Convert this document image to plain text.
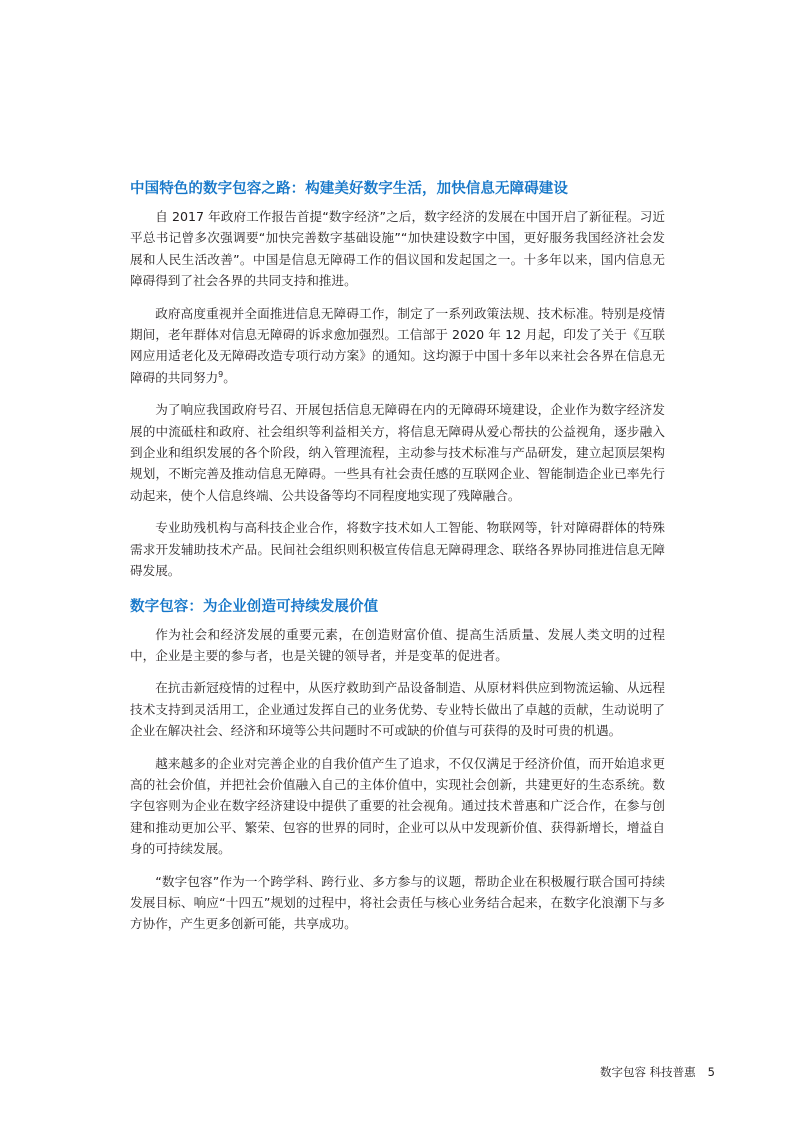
中国特色的数字包容之路：构建美好数字生活，加快信息无障碍建设

自 2017 年政府工作报告首提“数字经济”之后，数字经济的发展在中国开启了新征程。习近平总书记曾多次强调要“加快完善数字基础设施”“加快建设数字中国，更好服务我国经济社会发展和人民生活改善”。中国是信息无障碍工作的倡议国和发起国之一。十多年以来，国内信息无障碍得到了社会各界的共同支持和推进。

政府高度重视并全面推进信息无障碍工作，制定了一系列政策法规、技术标准。特别是疫情期间，老年群体对信息无障碍的诉求愈加强烈。工信部于 2020 年 12 月起，印发了关于《互联网应用适老化及无障碍改造专项行动方案》的通知。这均源于中国十多年以来社会各界在信息无障碍的共同努力$^9$。

为了响应我国政府号召、开展包括信息无障碍在内的无障碍环境建设，企业作为数字经济发展的中流砥柱和政府、社会组织等利益相关方，将信息无障碍从爱心帮扶的公益视角，逐步融入到企业和组织发展的各个阶段，纳入管理流程，主动参与技术标准与产品研发，建立起顶层架构规划，不断完善及推动信息无障碍。一些具有社会责任感的互联网企业、智能制造企业已率先行动起来，使个人信息终端、公共设备等均不同程度地实现了残障融合。

专业助残机构与高科技企业合作，将数字技术如人工智能、物联网等，针对障碍群体的特殊需求开发辅助技术产品。民间社会组织则积极宣传信息无障碍理念、联络各界协同推进信息无障碍发展。

数字包容：为企业创造可持续发展价值

作为社会和经济发展的重要元素，在创造财富价值、提高生活质量、发展人类文明的过程中，企业是主要的参与者，也是关键的领导者，并是变革的促进者。

在抗击新冠疫情的过程中，从医疗救助到产品设备制造、从原材料供应到物流运输、从远程技术支持到灵活用工，企业通过发挥自己的业务优势、专业特长做出了卓越的贡献，生动说明了企业在解决社会、经济和环境等公共问题时不可或缺的价值与可获得的及时可贵的机遇。

越来越多的企业对完善企业的自我价值产生了追求，不仅仅满足于经济价值，而开始追求更高的社会价值，并把社会价值融入自己的主体价值中，实现社会创新，共建更好的生态系统。数字包容则为企业在数字经济建设中提供了重要的社会视角。通过技术普惠和广泛合作，在参与创建和推动更加公平、繁荣、包容的世界的同时，企业可以从中发现新价值、获得新增长，增益自身的可持续发展。

“数字包容”作为一个跨学科、跨行业、多方参与的议题，帮助企业在积极履行联合国可持续发展目标、响应“十四五”规划的过程中，将社会责任与核心业务结合起来，在数字化浪潮下与多方协作，产生更多创新可能，共享成功。

数字包容 科技普惠 5
